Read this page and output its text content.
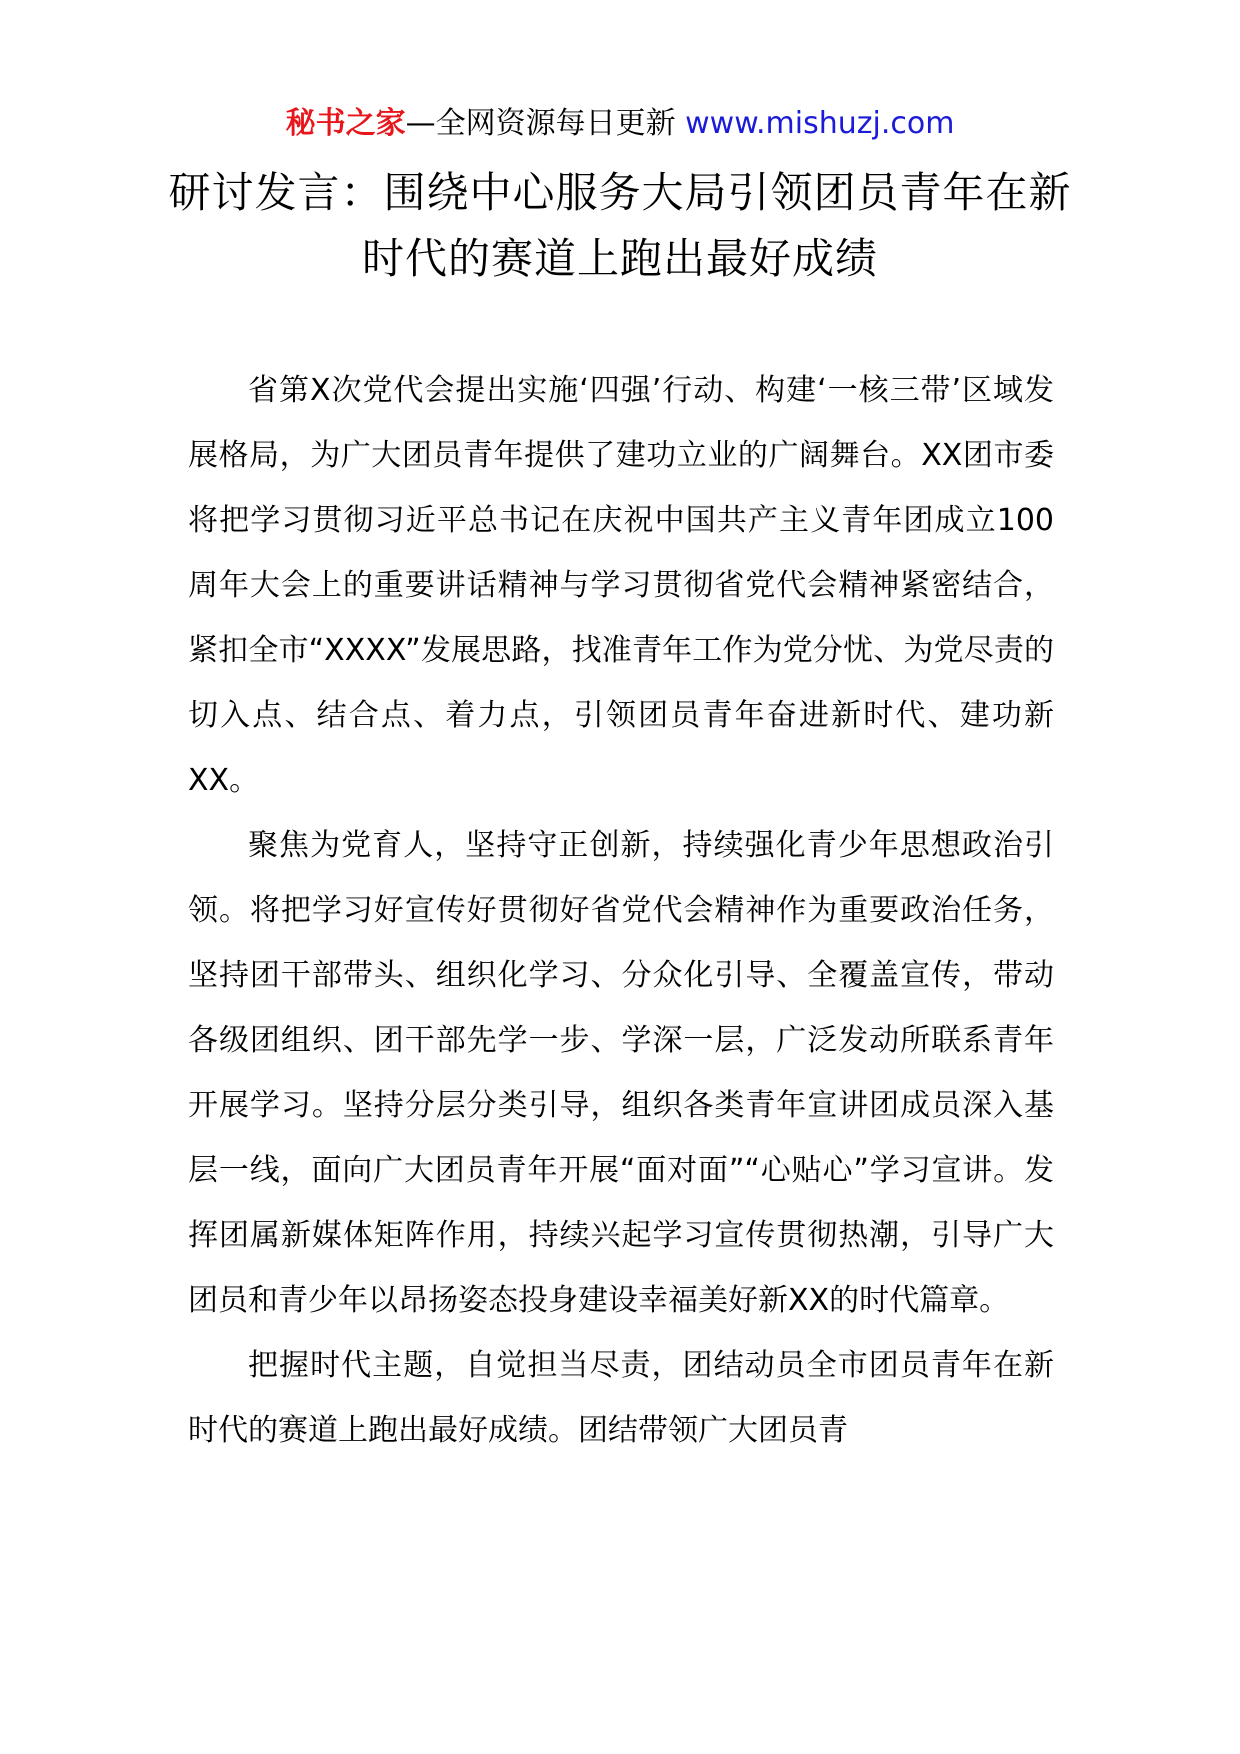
秘书之家—全网资源每日更新 www.mishuzj.com
研讨发言：围绕中心服务大局引领团员青年在新时代的赛道上跑出最好成绩

省第Ⅹ次党代会提出实施‘四强’行动、构建‘一核三带’区域发展格局，为广大团员青年提供了建功立业的广阔舞台。XX团市委将把学习贯彻习近平总书记在庆祝中国共产主义青年团成立100周年大会上的重要讲话精神与学习贯彻省党代会精神紧密结合，紧扣全市“XXXX”发展思路，找准青年工作为党分忧、为党尽责的切入点、结合点、着力点，引领团员青年奋进新时代、建功新XX。

聚焦为党育人，坚持守正创新，持续强化青少年思想政治引领。将把学习好宣传好贯彻好省党代会精神作为重要政治任务，坚持团干部带头、组织化学习、分众化引导、全覆盖宣传，带动各级团组织、团干部先学一步、学深一层，广泛发动所联系青年开展学习。坚持分层分类引导，组织各类青年宣讲团成员深入基层一线，面向广大团员青年开展“面对面”“心贴心”学习宣讲。发挥团属新媒体矩阵作用，持续兴起学习宣传贯彻热潮，引导广大团员和青少年以昂扬姿态投身建设幸福美好新XX的时代篇章。

把握时代主题，自觉担当尽责，团结动员全市团员青年在新时代的赛道上跑出最好成绩。团结带领广大团员青
